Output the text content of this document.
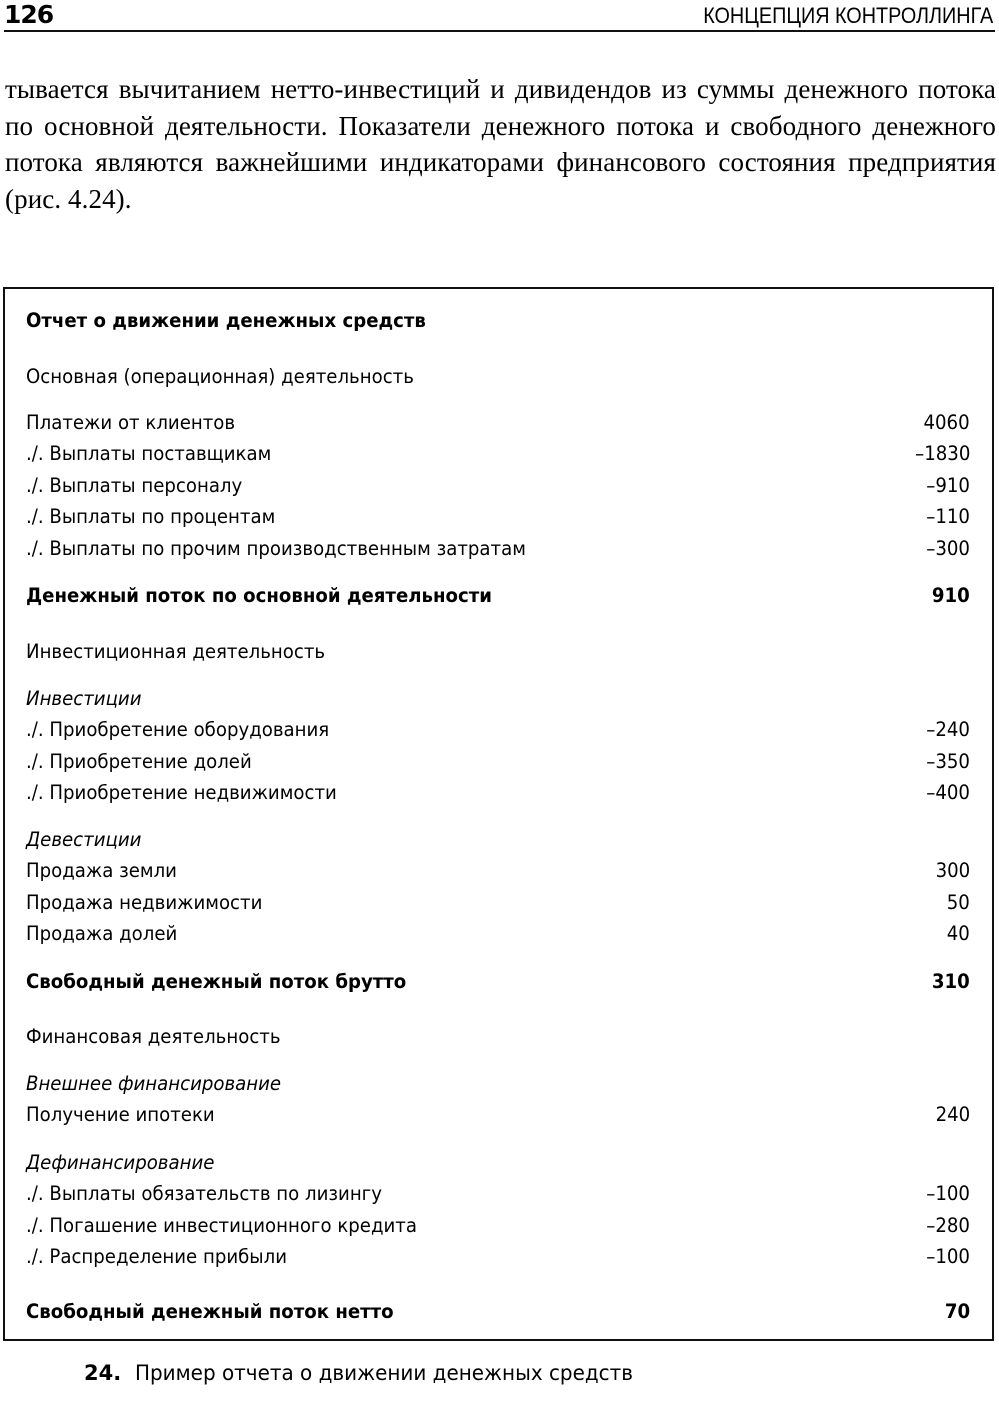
126	КОНЦЕПЦИЯ КОНТРОЛЛИНГА
тывается вычитанием нетто-инвестиций и дивидендов из суммы денежного потока по основной деятельности. Показатели денежного потока и свободного денежного потока являются важнейшими индикаторами финансового состояния предприятия (рис. 4.24).
Отчет о движении денежных средств
Основная (операционная) деятельность
Платежи от клиентов	4060
./. Выплаты поставщикам	–1830
./. Выплаты персоналу	–910
./. Выплаты по процентам	–110
./. Выплаты по прочим производственным затратам	–300
Денежный поток по основной деятельности	910
Инвестиционная деятельность
Инвестиции
./. Приобретение оборудования	–240
./. Приобретение долей	–350
./. Приобретение недвижимости	–400
Девестиции
Продажа земли	300
Продажа недвижимости	50
Продажа долей	40
Свободный денежный поток брутто	310
Финансовая деятельность
Внешнее финансирование
Получение ипотеки	240
Дефинансирование
./. Выплаты обязательств по лизингу	–100
./. Погашение инвестиционного кредита	–280
./. Распределение прибыли	–100
Свободный денежный поток нетто	70
24. Пример отчета о движении денежных средств
